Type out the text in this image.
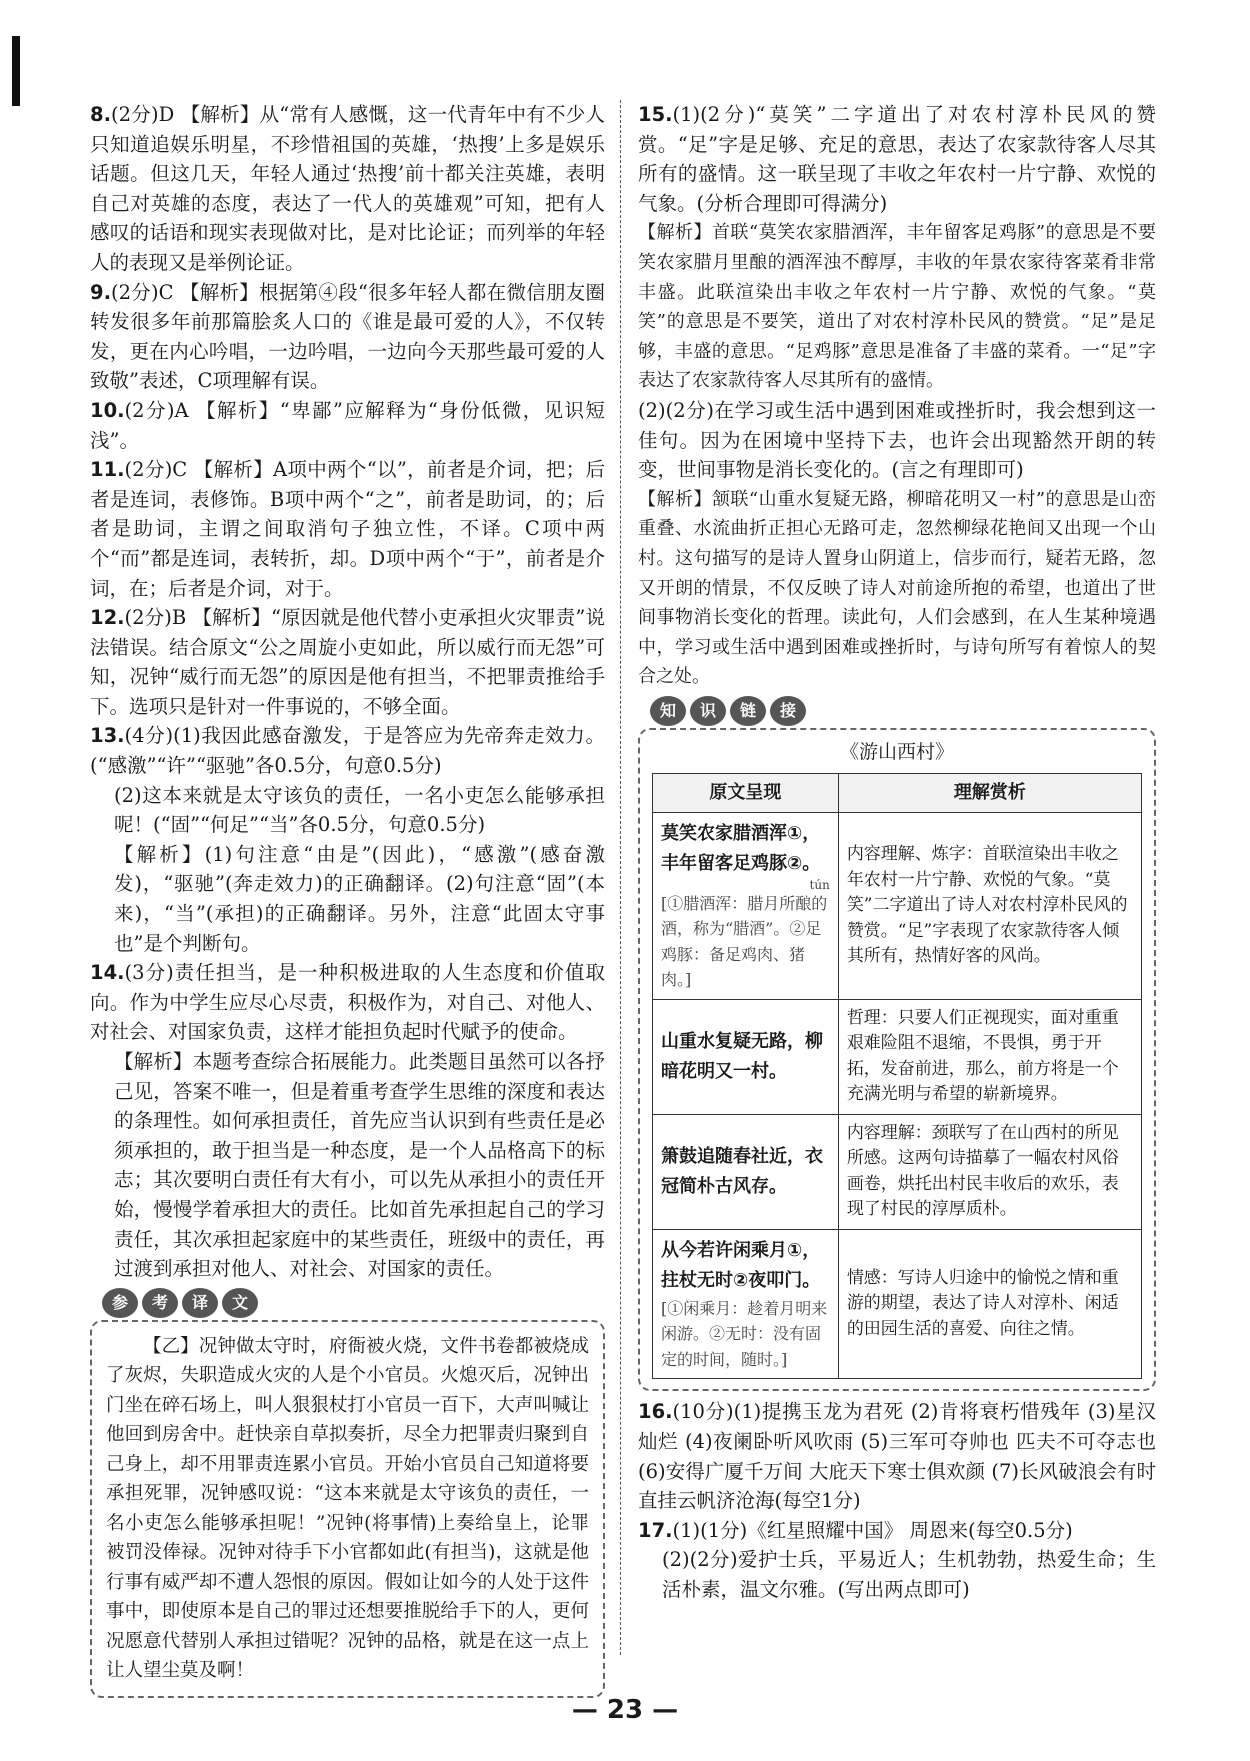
8.(2分)D 【解析】从“常有人感慨，这一代青年中有不少人只知道追娱乐明星，不珍惜祖国的英雄，‘热搜’上多是娱乐话题。但这几天，年轻人通过‘热搜’前十都关注英雄，表明自己对英雄的态度，表达了一代人的英雄观”可知，把有人感叹的话语和现实表现做对比，是对比论证；而列举的年轻人的表现又是举例论证。

9.(2分)C 【解析】根据第④段“很多年轻人都在微信朋友圈转发很多年前那篇脍炙人口的《谁是最可爱的人》，不仅转发，更在内心吟唱，一边吟唱，一边向今天那些最可爱的人致敬”表述，C项理解有误。

10.(2分)A 【解析】“卑鄙”应解释为“身份低微，见识短浅”。

11.(2分)C 【解析】A项中两个“以”，前者是介词，把；后者是连词，表修饰。B项中两个“之”，前者是助词，的；后者是助词，主谓之间取消句子独立性，不译。C项中两个“而”都是连词，表转折，却。D项中两个“于”，前者是介词，在；后者是介词，对于。

12.(2分)B 【解析】“原因就是他代替小吏承担火灾罪责”说法错误。结合原文“公之周旋小吏如此，所以威行而无怨”可知，况钟“威行而无怨”的原因是他有担当，不把罪责推给手下。选项只是针对一件事说的，不够全面。

13.(4分)(1)我因此感奋激发，于是答应为先帝奔走效力。(“感激”“许”“驱驰”各0.5分，句意0.5分)

(2)这本来就是太守该负的责任，一名小吏怎么能够承担呢！(“固”“何足”“当”各0.5分，句意0.5分)

【解析】(1)句注意“由是”(因此)，“感激”(感奋激发)，“驱驰”(奔走效力)的正确翻译。(2)句注意“固”(本来)，“当”(承担)的正确翻译。另外，注意“此固太守事也”是个判断句。

14.(3分)责任担当，是一种积极进取的人生态度和价值取向。作为中学生应尽心尽责，积极作为，对自己、对他人、对社会、对国家负责，这样才能担负起时代赋予的使命。

【解析】本题考查综合拓展能力。此类题目虽然可以各抒己见，答案不唯一，但是着重考查学生思维的深度和表达的条理性。如何承担责任，首先应当认识到有些责任是必须承担的，敢于担当是一种态度，是一个人品格高下的标志；其次要明白责任有大有小，可以先从承担小的责任开始，慢慢学着承担大的责任。比如首先承担起自己的学习责任，其次承担起家庭中的某些责任，班级中的责任，再过渡到承担对他人、对社会、对国家的责任。

参	考	译	文

【乙】况钟做太守时，府衙被火烧，文件书卷都被烧成了灰烬，失职造成火灾的人是个小官员。火熄灭后，况钟出门坐在碎石场上，叫人狠狠杖打小官员一百下，大声叫喊让他回到房舍中。赶快亲自草拟奏折，尽全力把罪责归聚到自己身上，却不用罪责连累小官员。开始小官员自己知道将要承担死罪，况钟感叹说：“这本来就是太守该负的责任，一名小吏怎么能够承担呢！”况钟(将事情)上奏给皇上，论罪被罚没俸禄。况钟对待手下小官都如此(有担当)，这就是他行事有威严却不遭人怨恨的原因。假如让如今的人处于这件事中，即使原本是自己的罪过还想要推脱给手下的人，更何况愿意代替别人承担过错呢？况钟的品格，就是在这一点上让人望尘莫及啊！

15.(1)(2分)“莫笑”二字道出了对农村淳朴民风的赞赏。“足”字是足够、充足的意思，表达了农家款待客人尽其所有的盛情。这一联呈现了丰收之年农村一片宁静、欢悦的气象。(分析合理即可得满分)

【解析】首联“莫笑农家腊酒浑，丰年留客足鸡豚”的意思是不要笑农家腊月里酿的酒浑浊不醇厚，丰收的年景农家待客菜肴非常丰盛。此联渲染出丰收之年农村一片宁静、欢悦的气象。“莫笑”的意思是不要笑，道出了对农村淳朴民风的赞赏。“足”是足够，丰盛的意思。“足鸡豚”意思是准备了丰盛的菜肴。一“足”字表达了农家款待客人尽其所有的盛情。

(2)(2分)在学习或生活中遇到困难或挫折时，我会想到这一佳句。因为在困境中坚持下去，也许会出现豁然开朗的转变，世间事物是消长变化的。(言之有理即可)

【解析】颔联“山重水复疑无路，柳暗花明又一村”的意思是山峦重叠、水流曲折正担心无路可走，忽然柳绿花艳间又出现一个山村。这句描写的是诗人置身山阴道上，信步而行，疑若无路，忽又开朗的情景，不仅反映了诗人对前途所抱的希望，也道出了世间事物消长变化的哲理。读此句，人们会感到，在人生某种境遇中，学习或生活中遇到困难或挫折时，与诗句所写有着惊人的契合之处。

知	识	链	接
《游山西村》
原文呈现	理解赏析

莫笑农家腊酒浑①，丰年留客足鸡豚②。
tún
[①腊酒浑：腊月所酿的酒，称为“腊酒”。②足鸡豚：备足鸡肉、猪肉。]	内容理解、炼字：首联渲染出丰收之年农村一片宁静、欢悦的气象。“莫笑”二字道出了诗人对农村淳朴民风的赞赏。“足”字表现了农家款待客人倾其所有，热情好客的风尚。

山重水复疑无路，柳暗花明又一村。	哲理：只要人们正视现实，面对重重艰难险阻不退缩，不畏惧，勇于开拓，发奋前进，那么，前方将是一个充满光明与希望的崭新境界。

箫鼓追随春社近，衣冠简朴古风存。	内容理解：颈联写了在山西村的所见所感。这两句诗描摹了一幅农村风俗画卷，烘托出村民丰收后的欢乐，表现了村民的淳厚质朴。

从今若许闲乘月①，拄杖无时②夜叩门。
[①闲乘月：趁着月明来闲游。②无时：没有固定的时间，随时。]	情感：写诗人归途中的愉悦之情和重游的期望，表达了诗人对淳朴、闲适的田园生活的喜爱、向往之情。

16.(10分)(1)提携玉龙为君死 (2)肯将衰朽惜残年 (3)星汉灿烂 (4)夜阑卧听风吹雨 (5)三军可夺帅也 匹夫不可夺志也 (6)安得广厦千万间 大庇天下寒士俱欢颜 (7)长风破浪会有时 直挂云帆济沧海(每空1分)

17.(1)(1分)《红星照耀中国》 周恩来(每空0.5分)

(2)(2分)爱护士兵，平易近人；生机勃勃，热爱生命；生活朴素，温文尔雅。(写出两点即可)

— 23 —
